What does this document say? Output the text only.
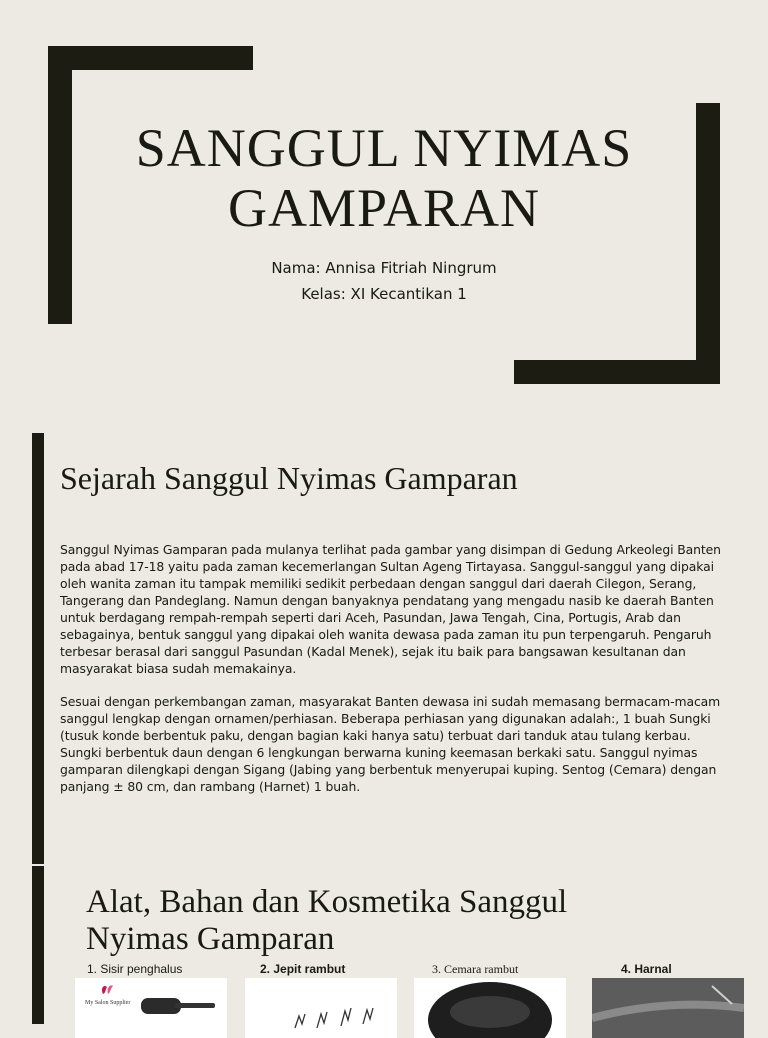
SANGGUL NYIMAS
GAMPARAN
Nama: Annisa Fitriah Ningrum
Kelas: XI Kecantikan 1
Sejarah Sanggul Nyimas Gamparan

Sanggul Nyimas Gamparan pada mulanya terlihat pada gambar yang disimpan di Gedung Arkeolegi Banten
pada abad 17-18 yaitu pada zaman kecemerlangan Sultan Ageng Tirtayasa. Sanggul-sanggul yang dipakai
oleh wanita zaman itu tampak memiliki sedikit perbedaan dengan sanggul dari daerah Cilegon, Serang,
Tangerang dan Pandeglang. Namun dengan banyaknya pendatang yang mengadu nasib ke daerah Banten
untuk berdagang rempah-rempah seperti dari Aceh, Pasundan, Jawa Tengah, Cina, Portugis, Arab dan
sebagainya, bentuk sanggul yang dipakai oleh wanita dewasa pada zaman itu pun terpengaruh. Pengaruh
terbesar berasal dari sanggul Pasundan (Kadal Menek), sejak itu baik para bangsawan kesultanan dan
masyarakat biasa sudah memakainya.

Sesuai dengan perkembangan zaman, masyarakat Banten dewasa ini sudah memasang bermacam-macam
sanggul lengkap dengan ornamen/perhiasan. Beberapa perhiasan yang digunakan adalah:, 1 buah Sungki
(tusuk konde berbentuk paku, dengan bagian kaki hanya satu) terbuat dari tanduk atau tulang kerbau.
Sungki berbentuk daun dengan 6 lengkungan berwarna kuning keemasan berkaki satu. Sanggul nyimas
gamparan dilengkapi dengan Sigang (Jabing yang berbentuk menyerupai kuping. Sentog (Cemara) dengan
panjang ± 80 cm, dan rambang (Harnet) 1 buah.

Alat, Bahan dan Kosmetika Sanggul
Nyimas Gamparan
1. Sisir penghalus	2. Jepit rambut	3. Cemara rambut	4. Harnal
My Salon Supplier
